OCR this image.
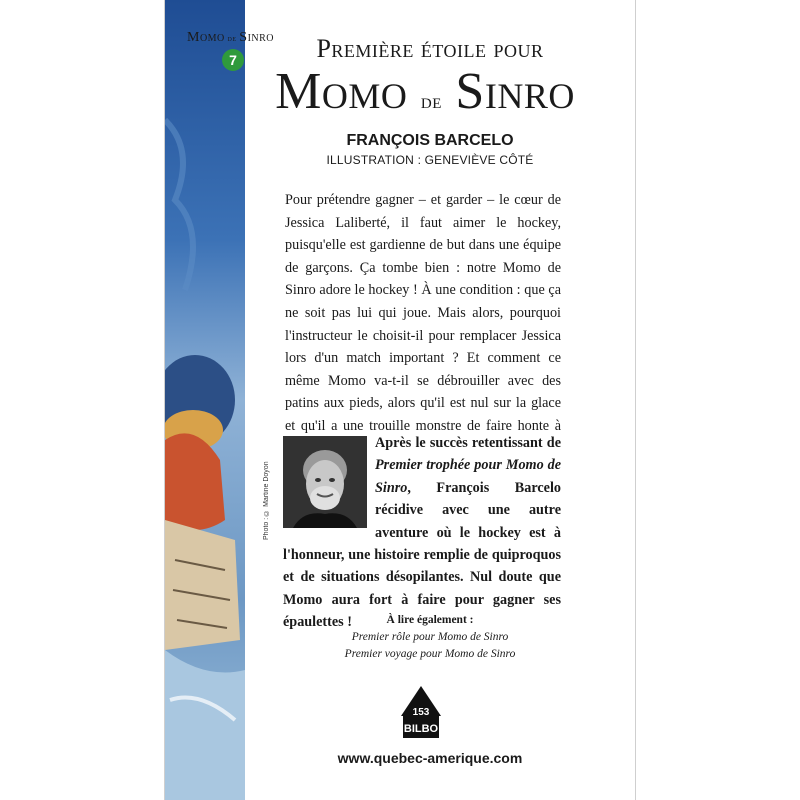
Momo de Sinro
7	Première étoile pour
Momo de Sinro
FRANÇOIS BARCELO
ILLUSTRATION : GENEVIÈVE CÔTÉ

Pour prétendre gagner – et garder – le cœur de Jessica Laliberté, il faut aimer le hockey, puisqu'elle est gardienne de but dans une équipe de garçons. Ça tombe bien : notre Momo de Sinro adore le hockey ! À une condition : que ça ne soit pas lui qui joue. Mais alors, pourquoi l'instructeur le choisit-il pour remplacer Jessica lors d'un match important ? Et comment ce même Momo va-t-il se débrouiller avec des patins aux pieds, alors qu'il est nul sur la glace et qu'il a une trouille monstre de faire honte à

Photo : © Martine Doyon
Après le succès retentissant de Premier trophée pour Momo de Sinro, François Barcelo récidive avec une autre aventure où le hockey est à l'honneur, une histoire remplie de quiproquos et de situations désopilantes. Nul doute que Momo aura fort à faire pour gagner ses épaulettes !	À lire également :
Premier rôle pour Momo de Sinro
Premier voyage pour Momo de Sinro
153
BILBO
www.quebec-amerique.com
